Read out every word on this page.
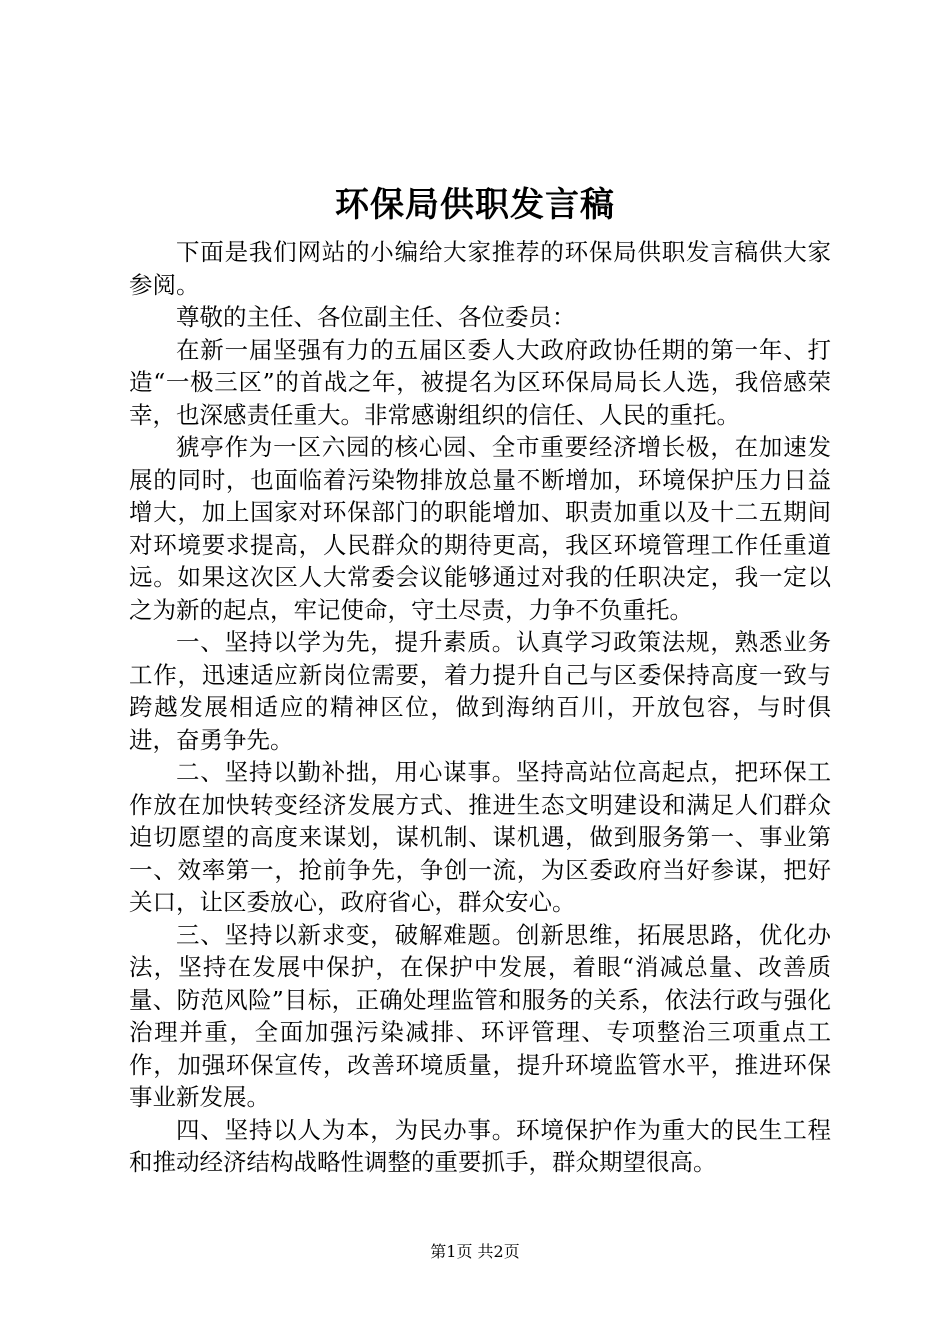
环保局供职发言稿

下面是我们网站的小编给大家推荐的环保局供职发言稿供大家参阅。

尊敬的主任、各位副主任、各位委员：

在新一届坚强有力的五届区委人大政府政协任期的第一年、打造“一极三区”的首战之年，被提名为区环保局局长人选，我倍感荣幸，也深感责任重大。非常感谢组织的信任、人民的重托。

猇亭作为一区六园的核心园、全市重要经济增长极，在加速发展的同时，也面临着污染物排放总量不断增加，环境保护压力日益增大，加上国家对环保部门的职能增加、职责加重以及十二五期间对环境要求提高，人民群众的期待更高，我区环境管理工作任重道远。如果这次区人大常委会议能够通过对我的任职决定，我一定以之为新的起点，牢记使命，守土尽责，力争不负重托。

一、坚持以学为先，提升素质。认真学习政策法规，熟悉业务工作，迅速适应新岗位需要，着力提升自己与区委保持高度一致与跨越发展相适应的精神区位，做到海纳百川，开放包容，与时俱进，奋勇争先。

二、坚持以勤补拙，用心谋事。坚持高站位高起点，把环保工作放在加快转变经济发展方式、推进生态文明建设和满足人们群众迫切愿望的高度来谋划，谋机制、谋机遇，做到服务第一、事业第一、效率第一，抢前争先，争创一流，为区委政府当好参谋，把好关口，让区委放心，政府省心，群众安心。

三、坚持以新求变，破解难题。创新思维，拓展思路，优化办法，坚持在发展中保护，在保护中发展，着眼“消减总量、改善质量、防范风险”目标，正确处理监管和服务的关系，依法行政与强化治理并重，全面加强污染减排、环评管理、专项整治三项重点工作，加强环保宣传，改善环境质量，提升环境监管水平，推进环保事业新发展。

四、坚持以人为本，为民办事。环境保护作为重大的民生工程和推动经济结构战略性调整的重要抓手，群众期望很高。

第1页 共2页
